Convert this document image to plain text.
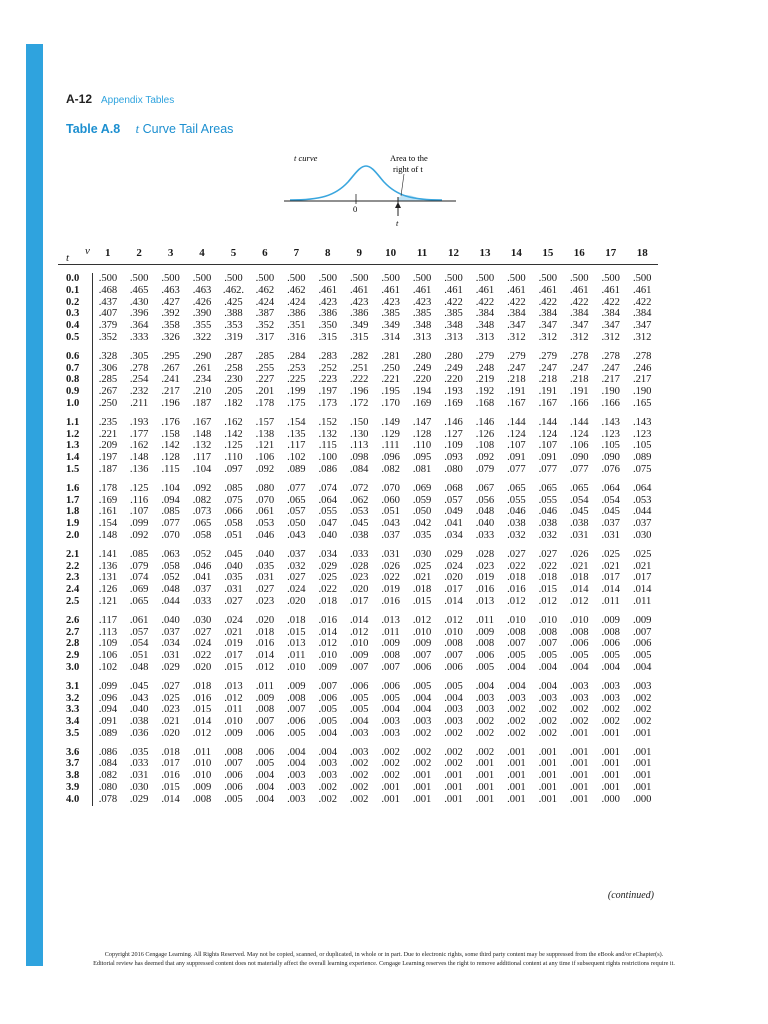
A-12 Appendix Tables
Table A.8 t Curve Tail Areas
t curve	Area to the
right of t
0
t
ν
t	1	2	3	4	5	6	7	8	9	10	11	12	13	14	15	16	17	18

0.0	.500	.500	.500	.500	.500	.500	.500	.500	.500	.500	.500	.500	.500	.500	.500	.500	.500	.500
0.1	.468	.465	.463	.463	.462.	.462	.462	.461	.461	.461	.461	.461	.461	.461	.461	.461	.461	.461
0.2	.437	.430	.427	.426	.425	.424	.424	.423	.423	.423	.423	.422	.422	.422	.422	.422	.422	.422
0.3	.407	.396	.392	.390	.388	.387	.386	.386	.386	.385	.385	.385	.384	.384	.384	.384	.384	.384
0.4	.379	.364	.358	.355	.353	.352	.351	.350	.349	.349	.348	.348	.348	.347	.347	.347	.347	.347
0.5	.352	.333	.326	.322	.319	.317	.316	.315	.315	.314	.313	.313	.313	.312	.312	.312	.312	.312

0.6	.328	.305	.295	.290	.287	.285	.284	.283	.282	.281	.280	.280	.279	.279	.279	.278	.278	.278
0.7	.306	.278	.267	.261	.258	.255	.253	.252	.251	.250	.249	.249	.248	.247	.247	.247	.247	.246
0.8	.285	.254	.241	.234	.230	.227	.225	.223	.222	.221	.220	.220	.219	.218	.218	.218	.217	.217
0.9	.267	.232	.217	.210	.205	.201	.199	.197	.196	.195	.194	.193	.192	.191	.191	.191	.190	.190
1.0	.250	.211	.196	.187	.182	.178	.175	.173	.172	.170	.169	.169	.168	.167	.167	.166	.166	.165

1.1	.235	.193	.176	.167	.162	.157	.154	.152	.150	.149	.147	.146	.146	.144	.144	.144	.143	.143
1.2	.221	.177	.158	.148	.142	.138	.135	.132	.130	.129	.128	.127	.126	.124	.124	.124	.123	.123
1.3	.209	.162	.142	.132	.125	.121	.117	.115	.113	.111	.110	.109	.108	.107	.107	.106	.105	.105
1.4	.197	.148	.128	.117	.110	.106	.102	.100	.098	.096	.095	.093	.092	.091	.091	.090	.090	.089
1.5	.187	.136	.115	.104	.097	.092	.089	.086	.084	.082	.081	.080	.079	.077	.077	.077	.076	.075

1.6	.178	.125	.104	.092	.085	.080	.077	.074	.072	.070	.069	.068	.067	.065	.065	.065	.064	.064
1.7	.169	.116	.094	.082	.075	.070	.065	.064	.062	.060	.059	.057	.056	.055	.055	.054	.054	.053
1.8	.161	.107	.085	.073	.066	.061	.057	.055	.053	.051	.050	.049	.048	.046	.046	.045	.045	.044
1.9	.154	.099	.077	.065	.058	.053	.050	.047	.045	.043	.042	.041	.040	.038	.038	.038	.037	.037
2.0	.148	.092	.070	.058	.051	.046	.043	.040	.038	.037	.035	.034	.033	.032	.032	.031	.031	.030

2.1	.141	.085	.063	.052	.045	.040	.037	.034	.033	.031	.030	.029	.028	.027	.027	.026	.025	.025
2.2	.136	.079	.058	.046	.040	.035	.032	.029	.028	.026	.025	.024	.023	.022	.022	.021	.021	.021
2.3	.131	.074	.052	.041	.035	.031	.027	.025	.023	.022	.021	.020	.019	.018	.018	.018	.017	.017
2.4	.126	.069	.048	.037	.031	.027	.024	.022	.020	.019	.018	.017	.016	.016	.015	.014	.014	.014
2.5	.121	.065	.044	.033	.027	.023	.020	.018	.017	.016	.015	.014	.013	.012	.012	.012	.011	.011

2.6	.117	.061	.040	.030	.024	.020	.018	.016	.014	.013	.012	.012	.011	.010	.010	.010	.009	.009
2.7	.113	.057	.037	.027	.021	.018	.015	.014	.012	.011	.010	.010	.009	.008	.008	.008	.008	.007
2.8	.109	.054	.034	.024	.019	.016	.013	.012	.010	.009	.009	.008	.008	.007	.007	.006	.006	.006
2.9	.106	.051	.031	.022	.017	.014	.011	.010	.009	.008	.007	.007	.006	.005	.005	.005	.005	.005
3.0	.102	.048	.029	.020	.015	.012	.010	.009	.007	.007	.006	.006	.005	.004	.004	.004	.004	.004

3.1	.099	.045	.027	.018	.013	.011	.009	.007	.006	.006	.005	.005	.004	.004	.004	.003	.003	.003
3.2	.096	.043	.025	.016	.012	.009	.008	.006	.005	.005	.004	.004	.003	.003	.003	.003	.003	.002
3.3	.094	.040	.023	.015	.011	.008	.007	.005	.005	.004	.004	.003	.003	.002	.002	.002	.002	.002
3.4	.091	.038	.021	.014	.010	.007	.006	.005	.004	.003	.003	.003	.002	.002	.002	.002	.002	.002
3.5	.089	.036	.020	.012	.009	.006	.005	.004	.003	.003	.002	.002	.002	.002	.002	.001	.001	.001

3.6	.086	.035	.018	.011	.008	.006	.004	.004	.003	.002	.002	.002	.002	.001	.001	.001	.001	.001
3.7	.084	.033	.017	.010	.007	.005	.004	.003	.002	.002	.002	.002	.001	.001	.001	.001	.001	.001
3.8	.082	.031	.016	.010	.006	.004	.003	.003	.002	.002	.001	.001	.001	.001	.001	.001	.001	.001
3.9	.080	.030	.015	.009	.006	.004	.003	.002	.002	.001	.001	.001	.001	.001	.001	.001	.001	.001
4.0	.078	.029	.014	.008	.005	.004	.003	.002	.002	.001	.001	.001	.001	.001	.001	.001	.000	.000
(continued)
Copyright 2016 Cengage Learning. All Rights Reserved. May not be copied, scanned, or duplicated, in whole or in part. Due to electronic rights, some third party content may be suppressed from the eBook and/or eChapter(s).
Editorial review has deemed that any suppressed content does not materially affect the overall learning experience. Cengage Learning reserves the right to remove additional content at any time if subsequent rights restrictions require it.
